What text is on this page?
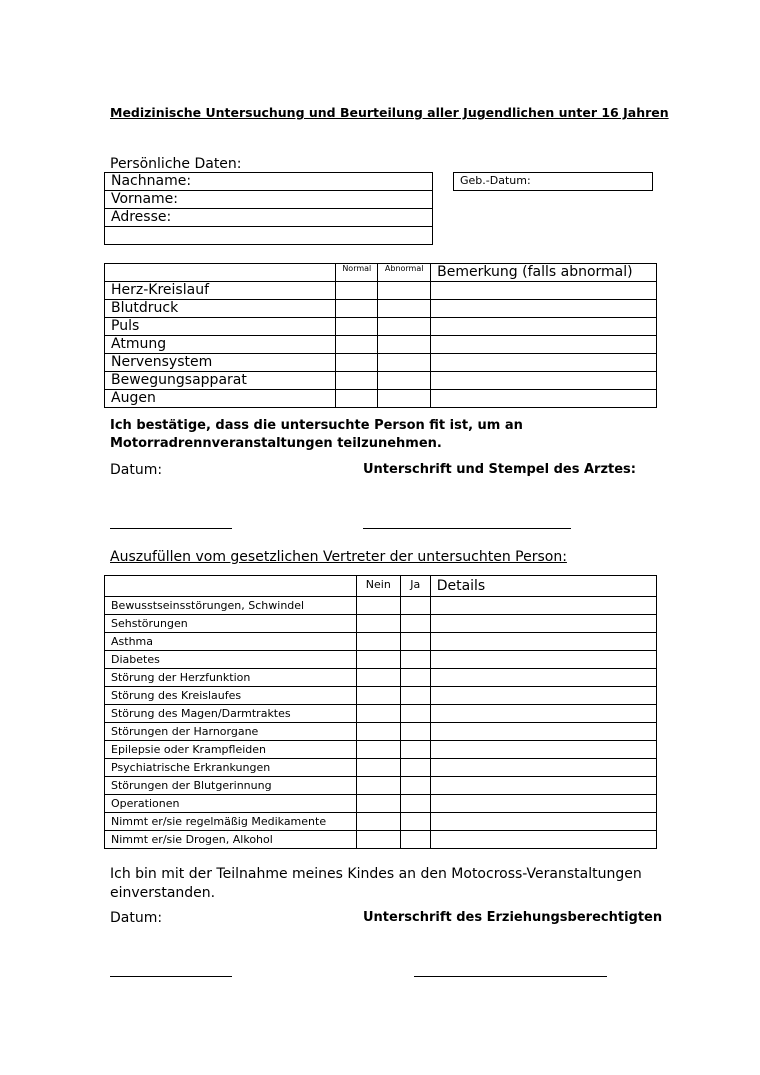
Medizinische Untersuchung und Beurteilung aller Jugendlichen unter 16 Jahren
Persönliche Daten:
Nachname:
Vorname:
Adresse:

Geb.-Datum:
	Normal	Abnormal	Bemerkung (falls abnormal)
Herz-Kreislauf			
Blutdruck			
Puls			
Atmung			
Nervensystem			
Bewegungsapparat			
Augen			
Ich bestätige, dass die untersuchte Person fit ist, um an
Motorradrennveranstaltungen teilzunehmen.
Datum:	Unterschrift und Stempel des Arztes:
Auszufüllen vom gesetzlichen Vertreter der untersuchten Person:
	Nein	Ja	Details
Bewusstseinsstörungen, Schwindel			
Sehstörungen			
Asthma			
Diabetes			
Störung der Herzfunktion			
Störung des Kreislaufes			
Störung des Magen/Darmtraktes			
Störungen der Harnorgane			
Epilepsie oder Krampfleiden			
Psychiatrische Erkrankungen			
Störungen der Blutgerinnung			
Operationen			
Nimmt er/sie regelmäßig Medikamente			
Nimmt er/sie Drogen, Alkohol			
Ich bin mit der Teilnahme meines Kindes an den Motocross-Veranstaltungen
einverstanden.
Datum:	Unterschrift des Erziehungsberechtigten
